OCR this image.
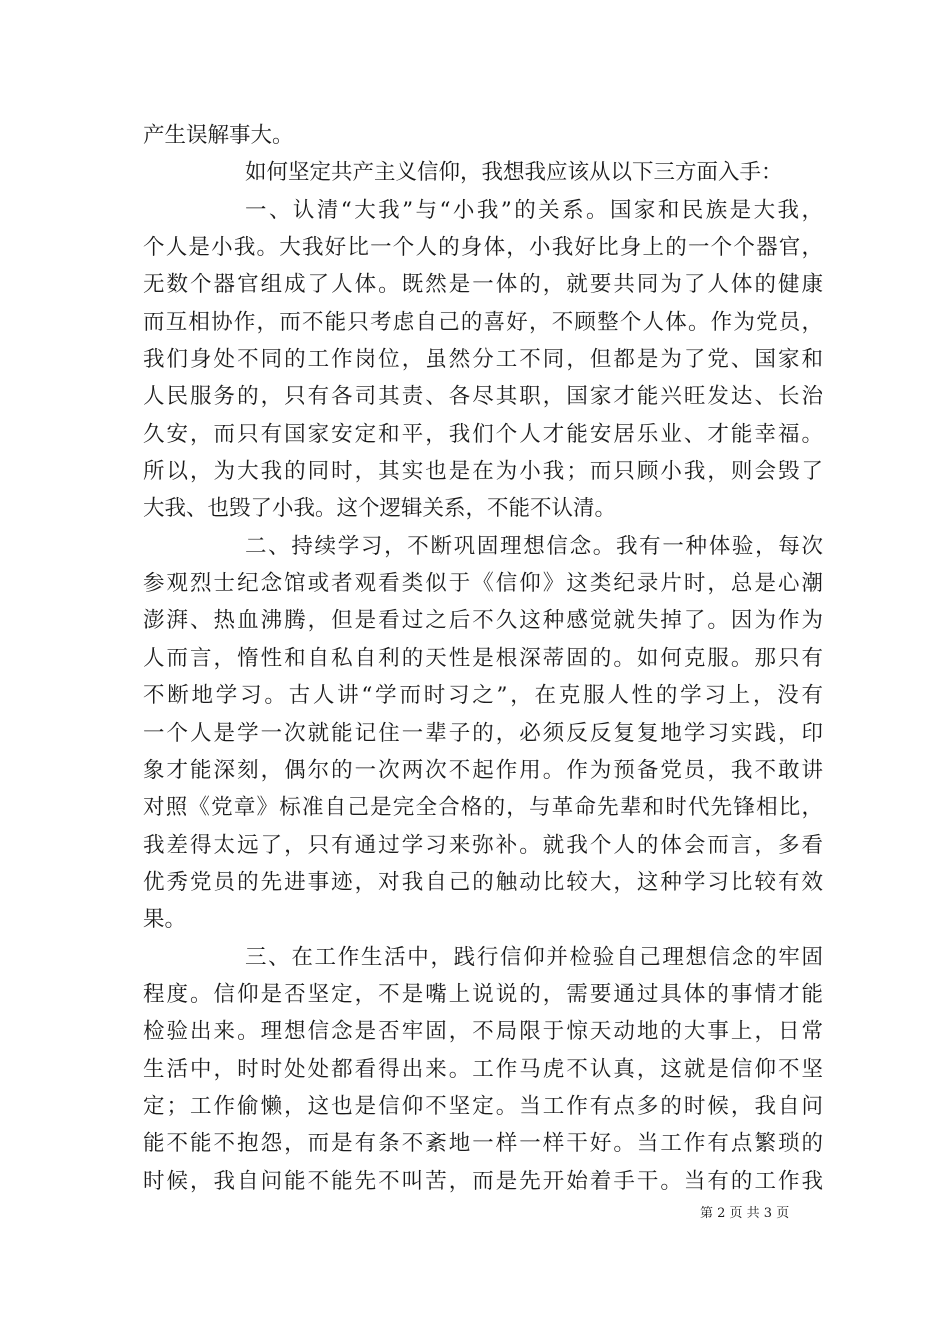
产生误解事大。
如何坚定共产主义信仰，我想我应该从以下三方面入手：
一、认清“大我”与“小我”的关系。国家和民族是大我，
个人是小我。大我好比一个人的身体，小我好比身上的一个个器官，
无数个器官组成了人体。既然是一体的，就要共同为了人体的健康
而互相协作，而不能只考虑自己的喜好，不顾整个人体。作为党员，
我们身处不同的工作岗位，虽然分工不同，但都是为了党、国家和
人民服务的，只有各司其责、各尽其职，国家才能兴旺发达、长治
久安，而只有国家安定和平，我们个人才能安居乐业、才能幸福。
所以，为大我的同时，其实也是在为小我；而只顾小我，则会毁了
大我、也毁了小我。这个逻辑关系，不能不认清。
二、持续学习，不断巩固理想信念。我有一种体验，每次
参观烈士纪念馆或者观看类似于《信仰》这类纪录片时，总是心潮
澎湃、热血沸腾，但是看过之后不久这种感觉就失掉了。因为作为
人而言，惰性和自私自利的天性是根深蒂固的。如何克服。那只有
不断地学习。古人讲“学而时习之”，在克服人性的学习上，没有
一个人是学一次就能记住一辈子的，必须反反复复地学习实践，印
象才能深刻，偶尔的一次两次不起作用。作为预备党员，我不敢讲
对照《党章》标准自己是完全合格的，与革命先辈和时代先锋相比，
我差得太远了，只有通过学习来弥补。就我个人的体会而言，多看
优秀党员的先进事迹，对我自己的触动比较大，这种学习比较有效
果。
三、在工作生活中，践行信仰并检验自己理想信念的牢固
程度。信仰是否坚定，不是嘴上说说的，需要通过具体的事情才能
检验出来。理想信念是否牢固，不局限于惊天动地的大事上，日常
生活中，时时处处都看得出来。工作马虎不认真，这就是信仰不坚
定；工作偷懒，这也是信仰不坚定。当工作有点多的时候，我自问
能不能不抱怨，而是有条不紊地一样一样干好。当工作有点繁琐的
时候，我自问能不能先不叫苦，而是先开始着手干。当有的工作我
第 2 页 共 3 页
